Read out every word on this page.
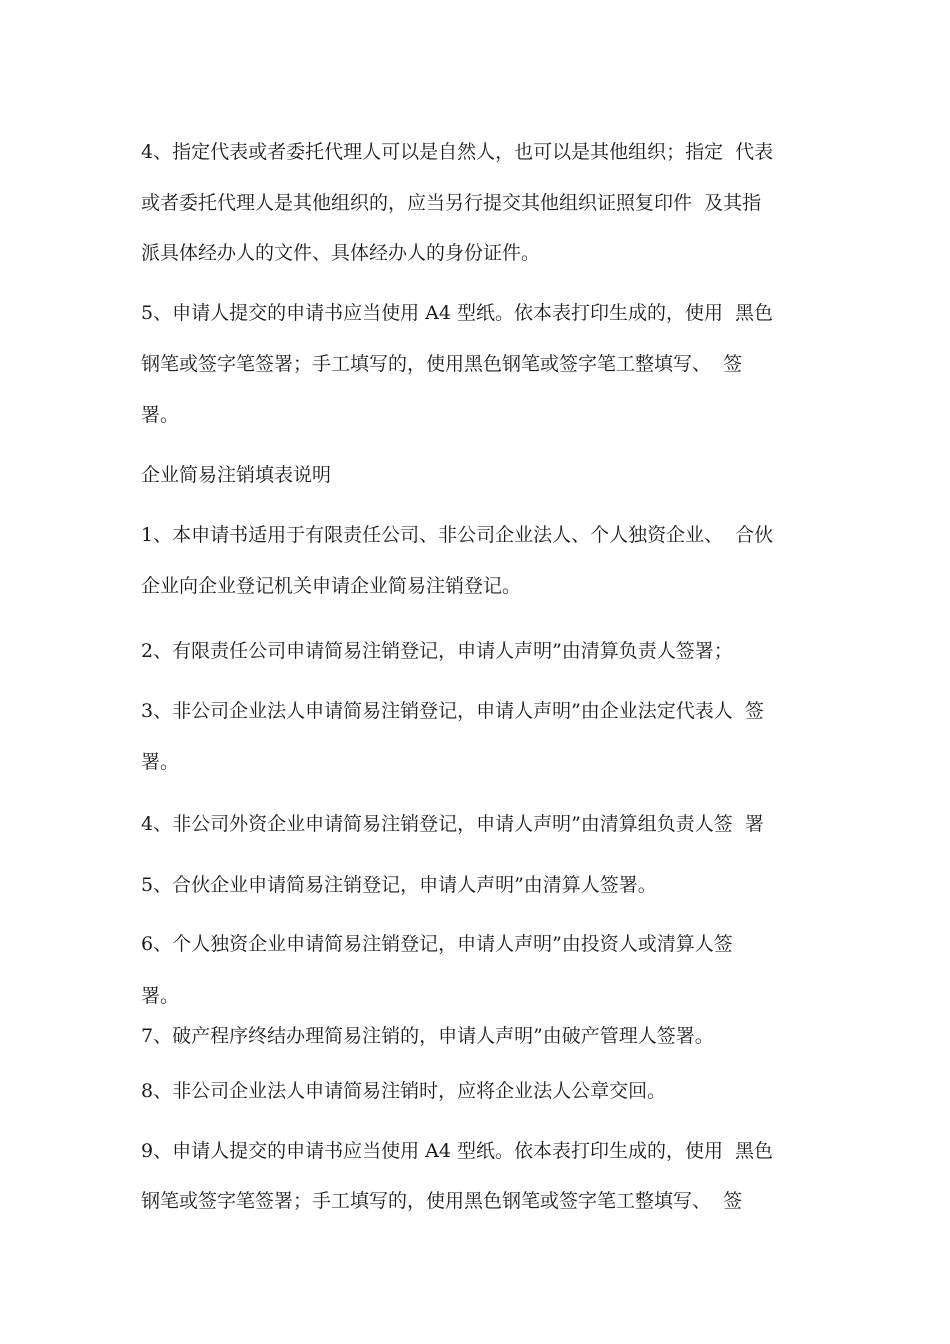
4、指定代表或者委托代理人可以是自然人，也可以是其他组织；指定  代表

或者委托代理人是其他组织的，应当另行提交其他组织证照复印件  及其指

派具体经办人的文件、具体经办人的身份证件。

5、申请人提交的申请书应当使用 A4 型纸。依本表打印生成的，使用  黑色

钢笔或签字笔签署；手工填写的，使用黑色钢笔或签字笔工整填写、  签

署。

企业简易注销填表说明

1、本申请书适用于有限责任公司、非公司企业法人、个人独资企业、  合伙

企业向企业登记机关申请企业简易注销登记。

2、有限责任公司申请简易注销登记，申请人声明”由清算负责人签署；

3、非公司企业法人申请简易注销登记，申请人声明”由企业法定代表人  签

署。

4、非公司外资企业申请简易注销登记，申请人声明”由清算组负责人签  署

5、合伙企业申请简易注销登记，申请人声明”由清算人签署。

6、个人独资企业申请简易注销登记，申请人声明”由投资人或清算人签

署。

7、破产程序终结办理简易注销的，申请人声明”由破产管理人签署。

8、非公司企业法人申请简易注销时，应将企业法人公章交回。

9、申请人提交的申请书应当使用 A4 型纸。依本表打印生成的，使用  黑色

钢笔或签字笔签署；手工填写的，使用黑色钢笔或签字笔工整填写、  签
